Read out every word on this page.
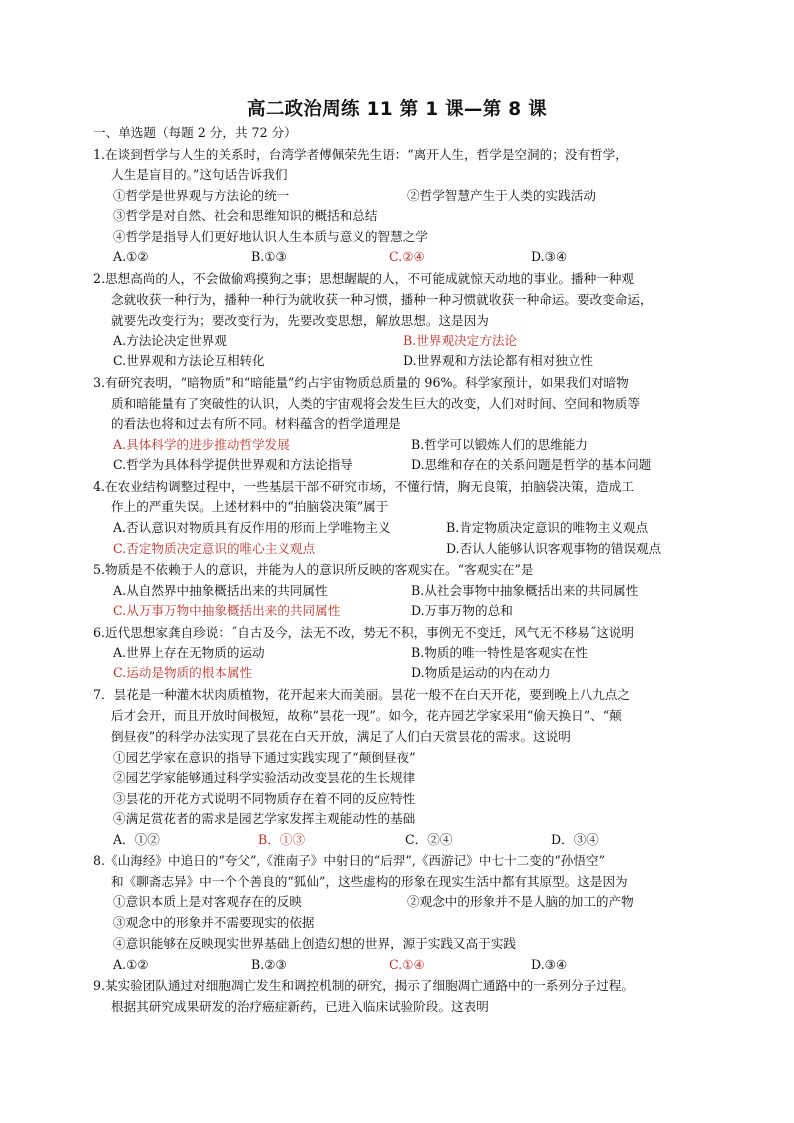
高二政治周练 11 第 1 课—第 8 课
一、单选题（每题 2 分，共 72 分）
1.在谈到哲学与人生的关系时，台湾学者傅佩荣先生语：“离开人生，哲学是空洞的；没有哲学，
人生是盲目的。”这句话告诉我们
①哲学是世界观与方法论的统一	②哲学智慧产生于人类的实践活动
③哲学是对自然、社会和思维知识的概括和总结
④哲学是指导人们更好地认识人生本质与意义的智慧之学
A.①②	B.①③	C.②④	D.③④
2.思想高尚的人，不会做偷鸡摸狗之事；思想龌龊的人，不可能成就惊天动地的事业。播种一种观
念就收获一种行为，播种一种行为就收获一种习惯，播种一种习惯就收获一种命运。要改变命运，
就要先改变行为；要改变行为，先要改变思想，解放思想。这是因为
A.方法论决定世界观	B.世界观决定方法论
C.世界观和方法论互相转化	D.世界观和方法论都有相对独立性
3.有研究表明，“暗物质”和“暗能量”约占宇宙物质总质量的 96%。科学家预计，如果我们对暗物
质和暗能量有了突破性的认识，人类的宇宙观将会发生巨大的改变，人们对时间、空间和物质等
的看法也将和过去有所不同。材料蕴含的哲学道理是
A.具体科学的进步推动哲学发展	B.哲学可以锻炼人们的思维能力
C.哲学为具体科学提供世界观和方法论指导	D.思维和存在的关系问题是哲学的基本问题
4.在农业结构调整过程中，一些基层干部不研究市场，不懂行情，胸无良策，拍脑袋决策，造成工
作上的严重失误。上述材料中的“拍脑袋决策”属于
A.否认意识对物质具有反作用的形而上学唯物主义	B.肯定物质决定意识的唯物主义观点
C.否定物质决定意识的唯心主义观点	D.否认人能够认识客观事物的错误观点
5.物质是不依赖于人的意识，并能为人的意识所反映的客观实在。“客观实在”是
A.从自然界中抽象概括出来的共同属性	B.从社会事物中抽象概括出来的共同属性
C.从万事万物中抽象概括出来的共同属性	D.万事万物的总和
6.近代思想家龚自珍说：˝自古及今，法无不改，势无不积，事例无不变迁，风气无不移易˝这说明
A.世界上存在无物质的运动	B.物质的唯一特性是客观实在性
C.运动是物质的根本属性	D.物质是运动的内在动力
7．昙花是一种灌木状肉质植物，花开起来大而美丽。昙花一般不在白天开花，要到晚上八九点之
后才会开，而且开放时间极短，故称“昙花一现”。如今，花卉园艺学家采用“偷天换日”、“颠
倒昼夜”的科学办法实现了昙花在白天开放，满足了人们白天赏昙花的需求。这说明
①园艺学家在意识的指导下通过实践实现了“颠倒昼夜”
②园艺学家能够通过科学实验活动改变昙花的生长规律
③昙花的开花方式说明不同物质存在着不同的反应特性
④满足赏花者的需求是园艺学家发挥主观能动性的基础
A．①②	B．①③	C．②④	D．③④
8.《山海经》中追日的“夸父”,《淮南子》中射日的“后羿”,《西游记》中七十二变的“孙悟空”
和《聊斋志异》中一个个善良的“狐仙”，这些虚构的形象在现实生活中都有其原型。这是因为
①意识本质上是对客观存在的反映	②观念中的形象并不是人脑的加工的产物
③观念中的形象并不需要现实的依据
④意识能够在反映现实世界基础上创造幻想的世界，源于实践又高于实践
A.①②	B.②③	C.①④	D.③④
9.某实验团队通过对细胞凋亡发生和调控机制的研究，揭示了细胞凋亡通路中的一系列分子过程。
根据其研究成果研发的治疗癌症新药，已进入临床试验阶段。这表明
